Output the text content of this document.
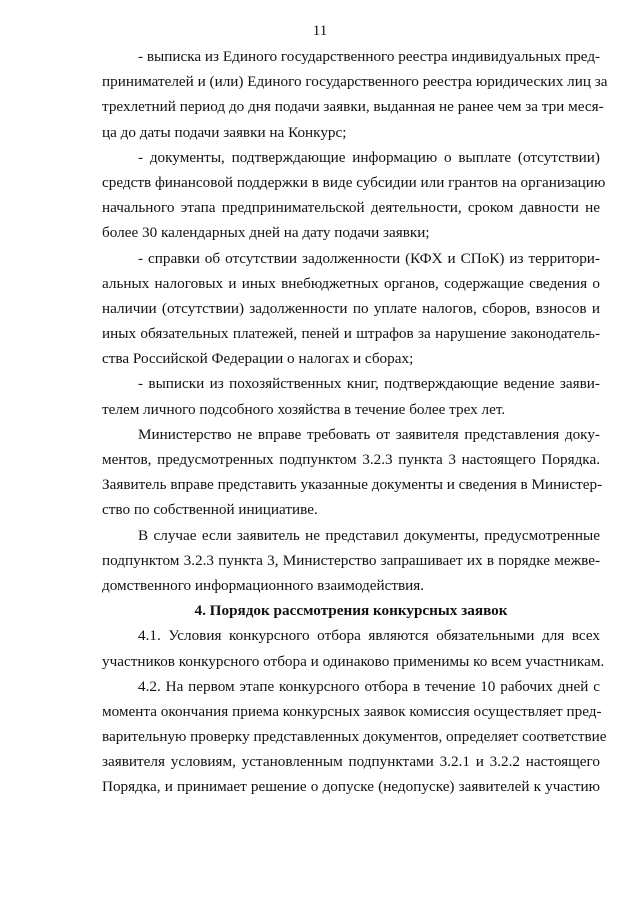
11
- выписка из Единого государственного реестра индивидуальных пред-
принимателей и (или) Единого государственного реестра юридических лиц за
трехлетний период до дня подачи заявки, выданная не ранее чем за три меся-
ца до даты подачи заявки на Конкурс;
- документы, подтверждающие информацию о выплате (отсутствии)
средств финансовой поддержки в виде субсидии или грантов на организацию
начального этапа предпринимательской деятельности, сроком давности не
более 30 календарных дней на дату подачи заявки;
- справки об отсутствии задолженности (КФХ и СПоК) из территори-
альных налоговых и иных внебюджетных органов, содержащие сведения о
наличии (отсутствии) задолженности по уплате налогов, сборов, взносов и
иных обязательных платежей, пеней и штрафов за нарушение законодатель-
ства Российской Федерации о налогах и сборах;
- выписки из похозяйственных книг, подтверждающие ведение заяви-
телем личного подсобного хозяйства в течение более трех лет.
Министерство не вправе требовать от заявителя представления доку-
ментов, предусмотренных подпунктом 3.2.3 пункта 3 настоящего Порядка.
Заявитель вправе представить указанные документы и сведения в Министер-
ство по собственной инициативе.
В случае если заявитель не представил документы, предусмотренные
подпунктом 3.2.3 пункта 3, Министерство запрашивает их в порядке межве-
домственного информационного взаимодействия.
4. Порядок рассмотрения конкурсных заявок
4.1. Условия конкурсного отбора являются обязательными для всех
участников конкурсного отбора и одинаково применимы ко всем участникам.
4.2. На первом этапе конкурсного отбора в течение 10 рабочих дней с
момента окончания приема конкурсных заявок комиссия осуществляет пред-
варительную проверку представленных документов, определяет соответствие
заявителя условиям, установленным подпунктами 3.2.1 и 3.2.2 настоящего
Порядка, и принимает решение о допуске (недопуске) заявителей к участию
